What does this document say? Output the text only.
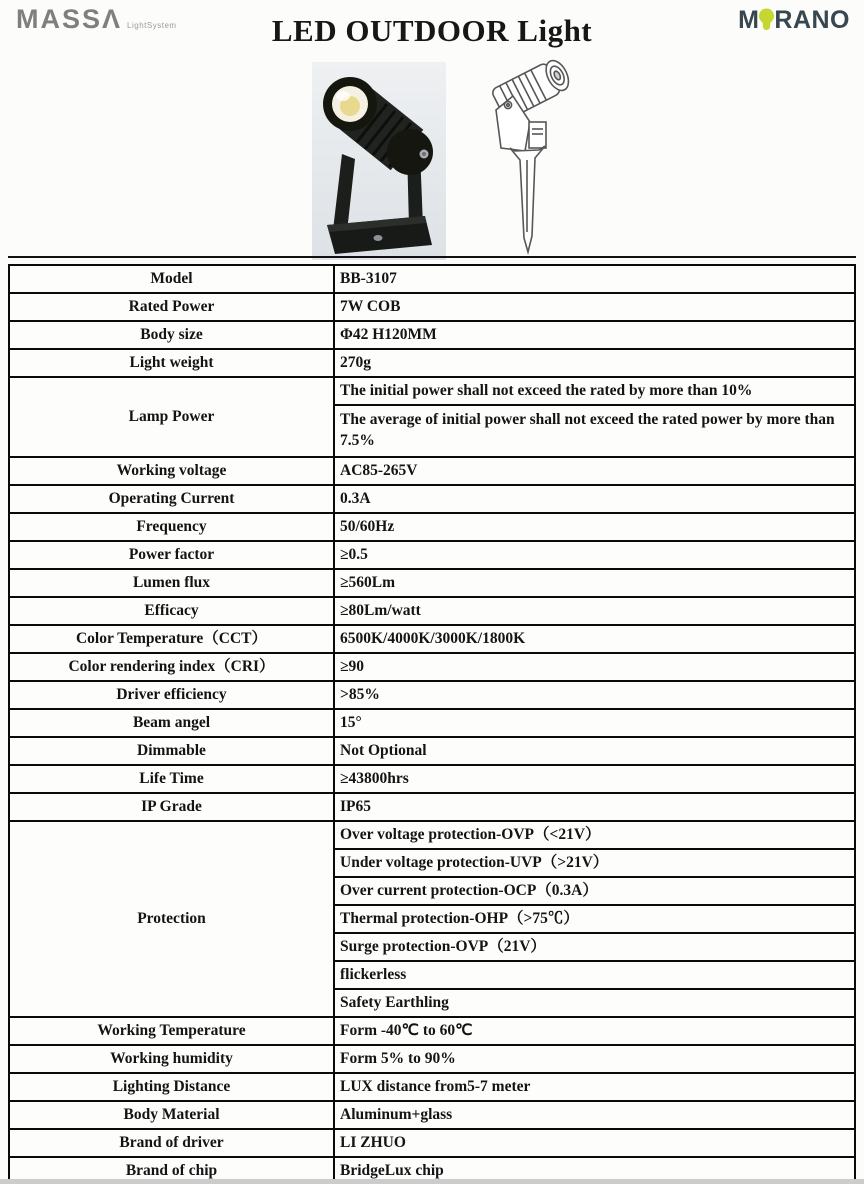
MASSΛ LightSystem	LED OUTDOOR Light	M RANO
Model	BB-3107
Rated Power	7W COB
Body size	Φ42 H120MM
Light weight	270g
Lamp Power	The initial power shall not exceed the rated by more than 10%
	The average of initial power shall not exceed the rated power by more than 7.5%
Working voltage	AC85-265V
Operating Current	0.3A
Frequency	50/60Hz
Power factor	≥0.5
Lumen flux	≥560Lm
Efficacy	≥80Lm/watt
Color Temperature（CCT）	6500K/4000K/3000K/1800K
Color rendering index（CRI）	≥90
Driver efficiency	>85%
Beam angel	15°
Dimmable	Not Optional
Life Time	≥43800hrs
IP Grade	IP65
Protection	Over voltage protection-OVP（<21V）
	Under voltage protection-UVP（>21V）
	Over current protection-OCP（0.3A）
	Thermal protection-OHP（>75℃）
	Surge protection-OVP（21V）
	flickerless
	Safety Earthling
Working Temperature	Form -40℃ to 60℃
Working humidity	Form 5% to 90%
Lighting Distance	LUX distance from5-7 meter
Body Material	Aluminum+glass
Brand of driver	LI ZHUO
Brand of chip	BridgeLux chip
